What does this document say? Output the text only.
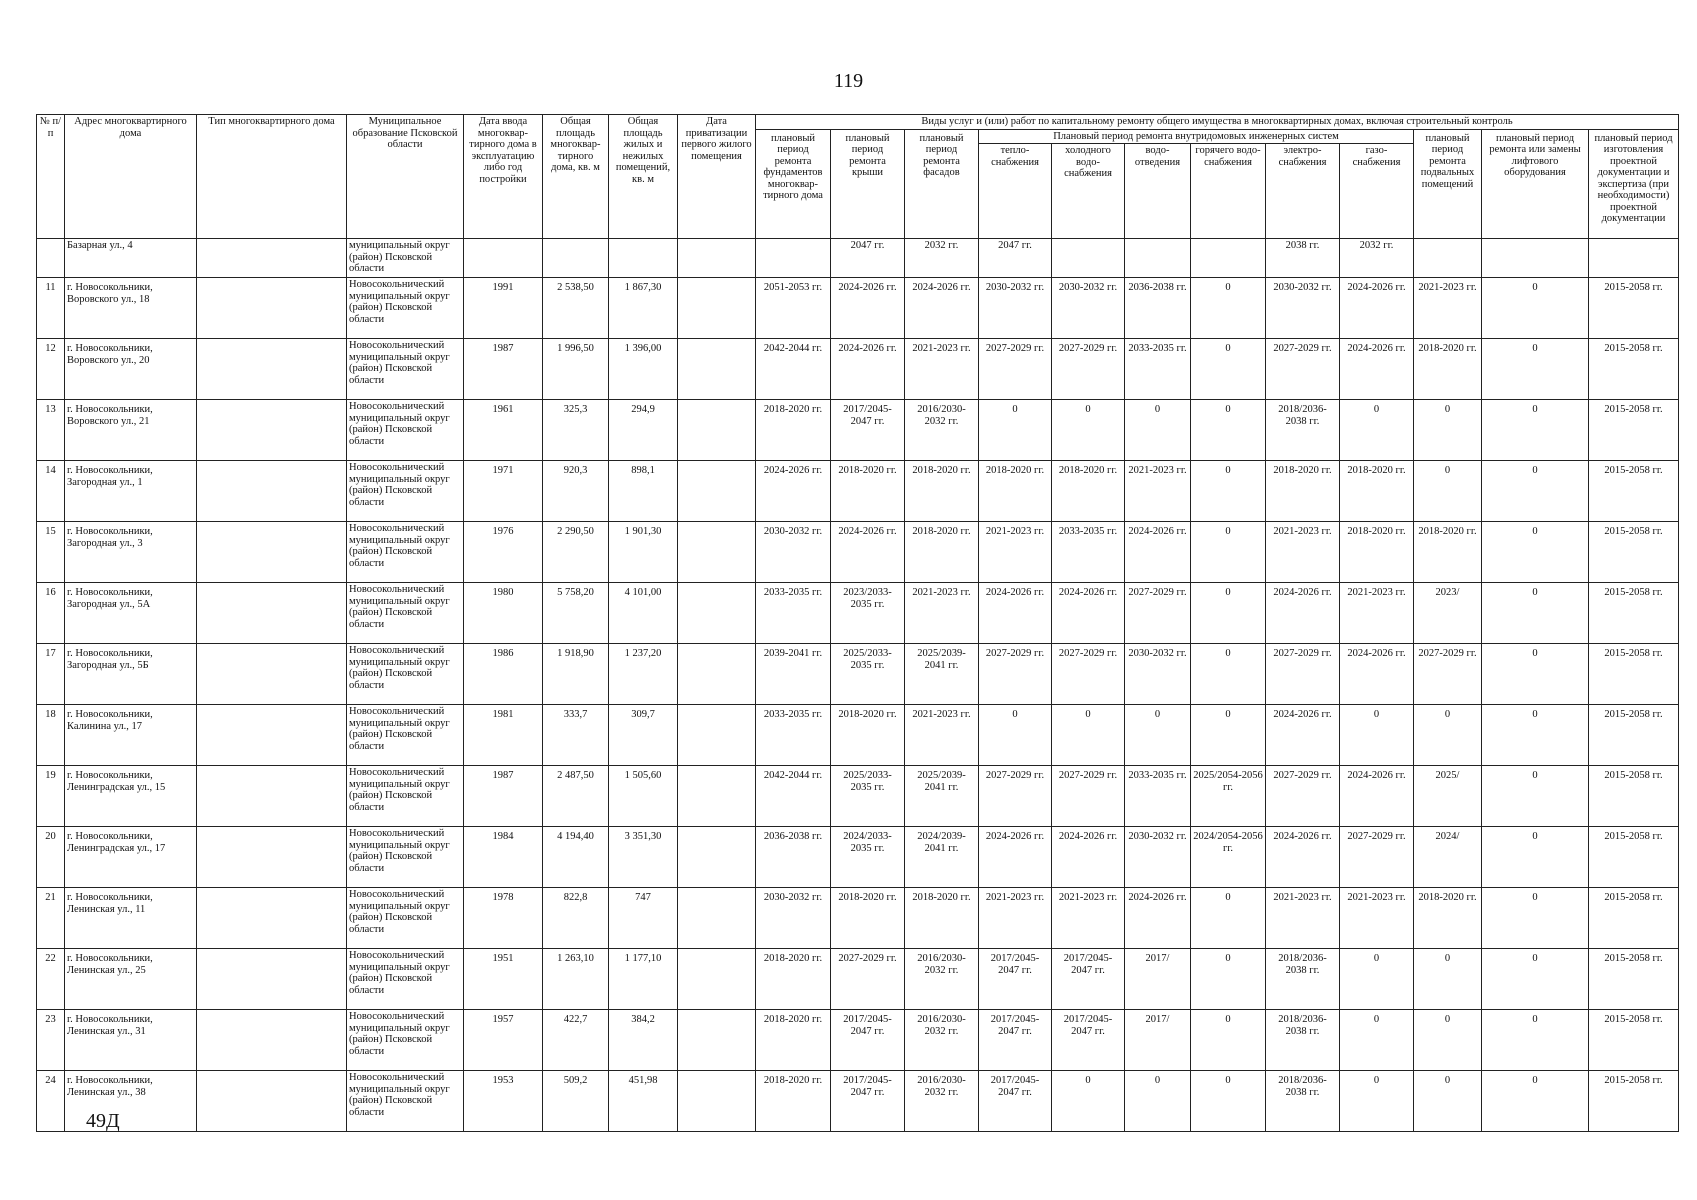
119
№ п/п	Адрес многоквартирного дома	Тип многоквартирного дома	Муниципальное образование Псковской области	Дата ввода многоквар-тирного дома в эксплуатацию либо год постройки	Общая площадь многоквар-тирного дома, кв. м	Общая площадь жилых и нежилых помещений, кв. м	Дата приватизации первого жилого помещения	Виды услуг и (или) работ по капитальному ремонту общего имущества в многоквартирных домах, включая строительный контроль											
								плановый период ремонта фундаментов многоквар-тирного дома	плановый период ремонта крыши	плановый период ремонта фасадов	Плановый период ремонта внутридомовых инженерных систем						плановый период ремонта подвальных помещений	плановый период ремонта или замены лифтового оборудования	плановый период изготовления проектной документации и экспертиза (при необходимости) проектной документации
											тепло-снабжения	холодного водо-снабжения	водо-отведения	горячего водо-снабжения	электро-снабжения	газо-снабжения			
	Базарная ул., 4		муниципальный округ (район) Псковской области						2047 гг.	2032 гг.	2047 гг.				2038 гг.	2032 гг.			
11	г. Новосокольники, Воровского ул., 18		Новосокольнический муниципальный округ (район) Псковской области	1991	2 538,50	1 867,30		2051-2053 гг.	2024-2026 гг.	2024-2026 гг.	2030-2032 гг.	2030-2032 гг.	2036-2038 гг.	0	2030-2032 гг.	2024-2026 гг.	2021-2023 гг.	0	2015-2058 гг.
12	г. Новосокольники, Воровского ул., 20		Новосокольнический муниципальный округ (район) Псковской области	1987	1 996,50	1 396,00		2042-2044 гг.	2024-2026 гг.	2021-2023 гг.	2027-2029 гг.	2027-2029 гг.	2033-2035 гг.	0	2027-2029 гг.	2024-2026 гг.	2018-2020 гг.	0	2015-2058 гг.
13	г. Новосокольники, Воровского ул., 21		Новосокольнический муниципальный округ (район) Псковской области	1961	325,3	294,9		2018-2020 гг.	2017/2045-2047 гг.	2016/2030-2032 гг.	0	0	0	0	2018/2036-2038 гг.	0	0	0	2015-2058 гг.
14	г. Новосокольники, Загородная ул., 1		Новосокольнический муниципальный округ (район) Псковской области	1971	920,3	898,1		2024-2026 гг.	2018-2020 гг.	2018-2020 гг.	2018-2020 гг.	2018-2020 гг.	2021-2023 гг.	0	2018-2020 гг.	2018-2020 гг.	0	0	2015-2058 гг.
15	г. Новосокольники, Загородная ул., 3		Новосокольнический муниципальный округ (район) Псковской области	1976	2 290,50	1 901,30		2030-2032 гг.	2024-2026 гг.	2018-2020 гг.	2021-2023 гг.	2033-2035 гг.	2024-2026 гг.	0	2021-2023 гг.	2018-2020 гг.	2018-2020 гг.	0	2015-2058 гг.
16	г. Новосокольники, Загородная ул., 5А		Новосокольнический муниципальный округ (район) Псковской области	1980	5 758,20	4 101,00		2033-2035 гг.	2023/2033-2035 гг.	2021-2023 гг.	2024-2026 гг.	2024-2026 гг.	2027-2029 гг.	0	2024-2026 гг.	2021-2023 гг.	2023/	0	2015-2058 гг.
17	г. Новосокольники, Загородная ул., 5Б		Новосокольнический муниципальный округ (район) Псковской области	1986	1 918,90	1 237,20		2039-2041 гг.	2025/2033-2035 гг.	2025/2039-2041 гг.	2027-2029 гг.	2027-2029 гг.	2030-2032 гг.	0	2027-2029 гг.	2024-2026 гг.	2027-2029 гг.	0	2015-2058 гг.
18	г. Новосокольники, Калинина ул., 17		Новосокольнический муниципальный округ (район) Псковской области	1981	333,7	309,7		2033-2035 гг.	2018-2020 гг.	2021-2023 гг.	0	0	0	0	2024-2026 гг.	0	0	0	2015-2058 гг.
19	г. Новосокольники, Ленинградская ул., 15		Новосокольнический муниципальный округ (район) Псковской области	1987	2 487,50	1 505,60		2042-2044 гг.	2025/2033-2035 гг.	2025/2039-2041 гг.	2027-2029 гг.	2027-2029 гг.	2033-2035 гг.	2025/2054-2056 гг.	2027-2029 гг.	2024-2026 гг.	2025/	0	2015-2058 гг.
20	г. Новосокольники, Ленинградская ул., 17		Новосокольнический муниципальный округ (район) Псковской области	1984	4 194,40	3 351,30		2036-2038 гг.	2024/2033-2035 гг.	2024/2039-2041 гг.	2024-2026 гг.	2024-2026 гг.	2030-2032 гг.	2024/2054-2056 гг.	2024-2026 гг.	2027-2029 гг.	2024/	0	2015-2058 гг.
21	г. Новосокольники, Ленинская ул., 11		Новосокольнический муниципальный округ (район) Псковской области	1978	822,8	747		2030-2032 гг.	2018-2020 гг.	2018-2020 гг.	2021-2023 гг.	2021-2023 гг.	2024-2026 гг.	0	2021-2023 гг.	2021-2023 гг.	2018-2020 гг.	0	2015-2058 гг.
22	г. Новосокольники, Ленинская ул., 25		Новосокольнический муниципальный округ (район) Псковской области	1951	1 263,10	1 177,10		2018-2020 гг.	2027-2029 гг.	2016/2030-2032 гг.	2017/2045-2047 гг.	2017/2045-2047 гг.	2017/	0	2018/2036-2038 гг.	0	0	0	2015-2058 гг.
23	г. Новосокольники, Ленинская ул., 31		Новосокольнический муниципальный округ (район) Псковской области	1957	422,7	384,2		2018-2020 гг.	2017/2045-2047 гг.	2016/2030-2032 гг.	2017/2045-2047 гг.	2017/2045-2047 гг.	2017/	0	2018/2036-2038 гг.	0	0	0	2015-2058 гг.
24	г. Новосокольники, Ленинская ул., 38		Новосокольнический муниципальный округ (район) Псковской области	1953	509,2	451,98		2018-2020 гг.	2017/2045-2047 гг.	2016/2030-2032 гг.	2017/2045-2047 гг.	0	0	0	2018/2036-2038 гг.	0	0	0	2015-2058 гг.
49Д
